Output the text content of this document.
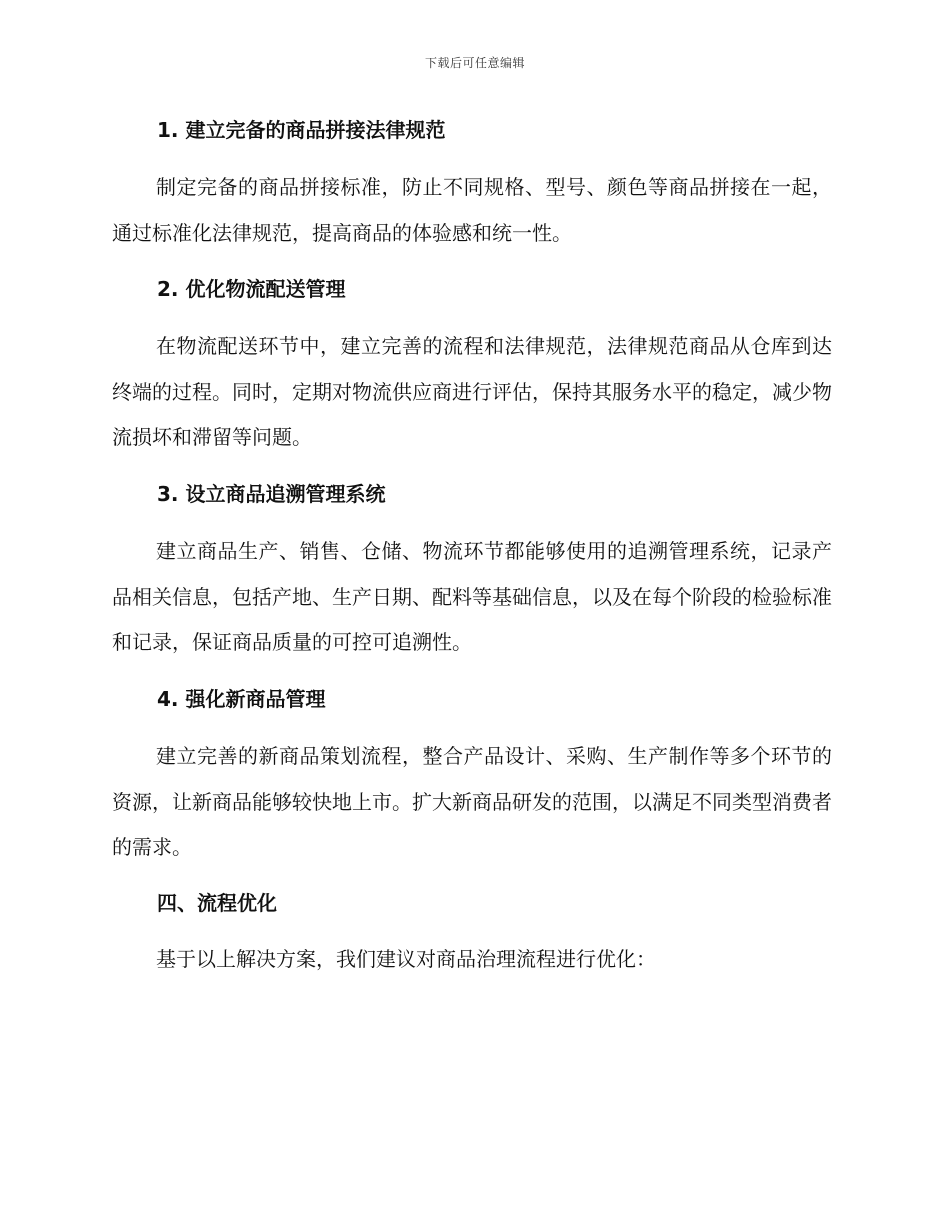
下载后可任意编辑
1. 建立完备的商品拼接法律规范

制定完备的商品拼接标准，防止不同规格、型号、颜色等商品拼接在一起，通过标准化法律规范，提高商品的体验感和统一性。

2. 优化物流配送管理

在物流配送环节中，建立完善的流程和法律规范，法律规范商品从仓库到达终端的过程。同时，定期对物流供应商进行评估，保持其服务水平的稳定，减少物流损坏和滞留等问题。

3. 设立商品追溯管理系统

建立商品生产、销售、仓储、物流环节都能够使用的追溯管理系统，记录产品相关信息，包括产地、生产日期、配料等基础信息，以及在每个阶段的检验标准和记录，保证商品质量的可控可追溯性。

4. 强化新商品管理

建立完善的新商品策划流程，整合产品设计、采购、生产制作等多个环节的资源，让新商品能够较快地上市。扩大新商品研发的范围，以满足不同类型消费者的需求。

四、流程优化

基于以上解决方案，我们建议对商品治理流程进行优化：
